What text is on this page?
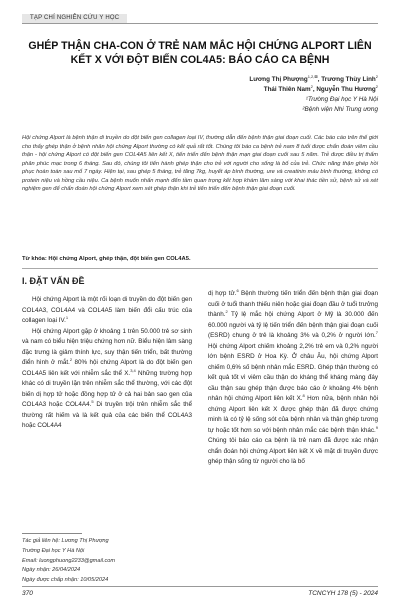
TẠP CHÍ NGHIÊN CỨU Y HỌC
GHÉP THẬN CHA-CON Ở TRẺ NAM MẮC HỘI CHỨNG ALPORT LIÊN KẾT X VỚI ĐỘT BIẾN COL4A5: BÁO CÁO CA BỆNH
Lương Thị Phượng$^{1,2,⊠}$, Trương Thùy Linh$^2$
Thái Thiên Nam$^2$, Nguyễn Thu Hương$^2$
¹Trường Đại học Y Hà Nội
²Bệnh viện Nhi Trung ương
Hội chứng Alport là bệnh thận di truyền do đột biến gen collagen loại IV, thường dẫn đến bệnh thận giai đoạn cuối. Các báo cáo trên thế giới cho thấy ghép thận ở bệnh nhân hội chứng Alport thường có kết quả rất tốt. Chúng tôi báo ca bệnh trẻ nam 8 tuổi được chẩn đoán viêm cầu thận - hội chứng Alport có đột biến gen COL4A5 liên kết X, tiến triển đến bệnh thận mạn giai đoạn cuối sau 5 năm. Trẻ được điều trị thẩm phân phúc mạc trong 6 tháng. Sau đó, chúng tôi tiến hành ghép thận cho trẻ với người cho sống là bố của trẻ. Chức năng thận ghép hồi phục hoàn toàn sau mổ 7 ngày. Hiện tại, sau ghép 5 tháng, trẻ tăng 7kg, huyết áp bình thường, ure và creatinin máu bình thường, không có protein niệu và hồng cầu niệu. Ca bệnh muốn nhấn mạnh đến tầm quan trọng kết hợp khám lâm sàng với khai thác tiền sử, bệnh sử và xét nghiệm gen để chẩn đoán hội chứng Alport xem xét ghép thận khi trẻ tiến triển đến bệnh thận giai đoạn cuối.
Từ khóa: Hội chứng Alport, ghép thận, đột biến gen COL4A5.
I. ĐẶT VẤN ĐỀ

Hội chứng Alport là một rối loạn di truyền do đột biến gen COL4A3, COL4A4 và COL4A5 làm biến đổi cấu trúc của collagen loại IV.$^1$

Hội chứng Alport gặp ở khoảng 1 trên 50.000 trẻ sơ sinh và nam có biểu hiện triệu chứng hơn nữ. Biểu hiện lâm sàng đặc trưng là giảm thính lực, suy thận tiến triển, bất thường điển hình ở mắt.$^2$ 80% hội chứng Alport là do đột biến gen COL4A5 liên kết với nhiễm sắc thể X.$^{3,4}$ Những trường hợp khác có di truyền lặn trên nhiễm sắc thể thường, với các đột biến dị hợp tử hoặc đồng hợp tử ở cả hai bản sao gen của COL4A3 hoặc COL4A4.$^5$ Di truyền trội trên nhiễm sắc thể thường rất hiếm và là kết quả của các biến thể COL4A3 hoặc COL4A4

dị hợp tử.$^6$ Bệnh thường tiến triển đến bệnh thận giai đoạn cuối ở tuổi thanh thiếu niên hoặc giai đoạn đầu ở tuổi trưởng thành.$^2$ Tỷ lệ mắc hội chứng Alport ở Mỹ là 30.000 đến 60.000 người và tỷ lệ tiến triển đến bệnh thận giai đoạn cuối (ESRD) chung ở trẻ là khoảng 3% và 0,2% ở người lớn.$^7$ Hội chứng Alport chiếm khoảng 2,2% trẻ em và 0,2% người lớn bệnh ESRD ở Hoa Kỳ. Ở châu Âu, hội chứng Alport chiếm 0,6% số bệnh nhân mắc ESRD. Ghép thận thường có kết quả tốt vì viêm cầu thận do kháng thể kháng màng đáy cầu thận sau ghép thận được báo cáo ở khoảng 4% bệnh nhân hội chứng Alport liên kết X.$^8$ Hơn nữa, bệnh nhân hội chứng Alport liên kết X được ghép thận đã được chứng minh là có tỷ lệ sống sót của bệnh nhân và thận ghép tương tự hoặc tốt hơn so với bệnh nhân mắc các bệnh thận khác.$^9$ Chúng tôi báo cáo ca bệnh là trẻ nam đã được xác nhận chẩn đoán hội chứng Alport liên kết X về mặt di truyền được ghép thận sống từ người cho là bố

Tác giả liên hệ: Lương Thị Phượng
Trường Đại học Y Hà Nội
Email: luongphuong2233@gmail.com
Ngày nhận: 26/04/2024
Ngày được chấp nhận: 10/05/2024
370	TCNCYH 178 (5) - 2024
